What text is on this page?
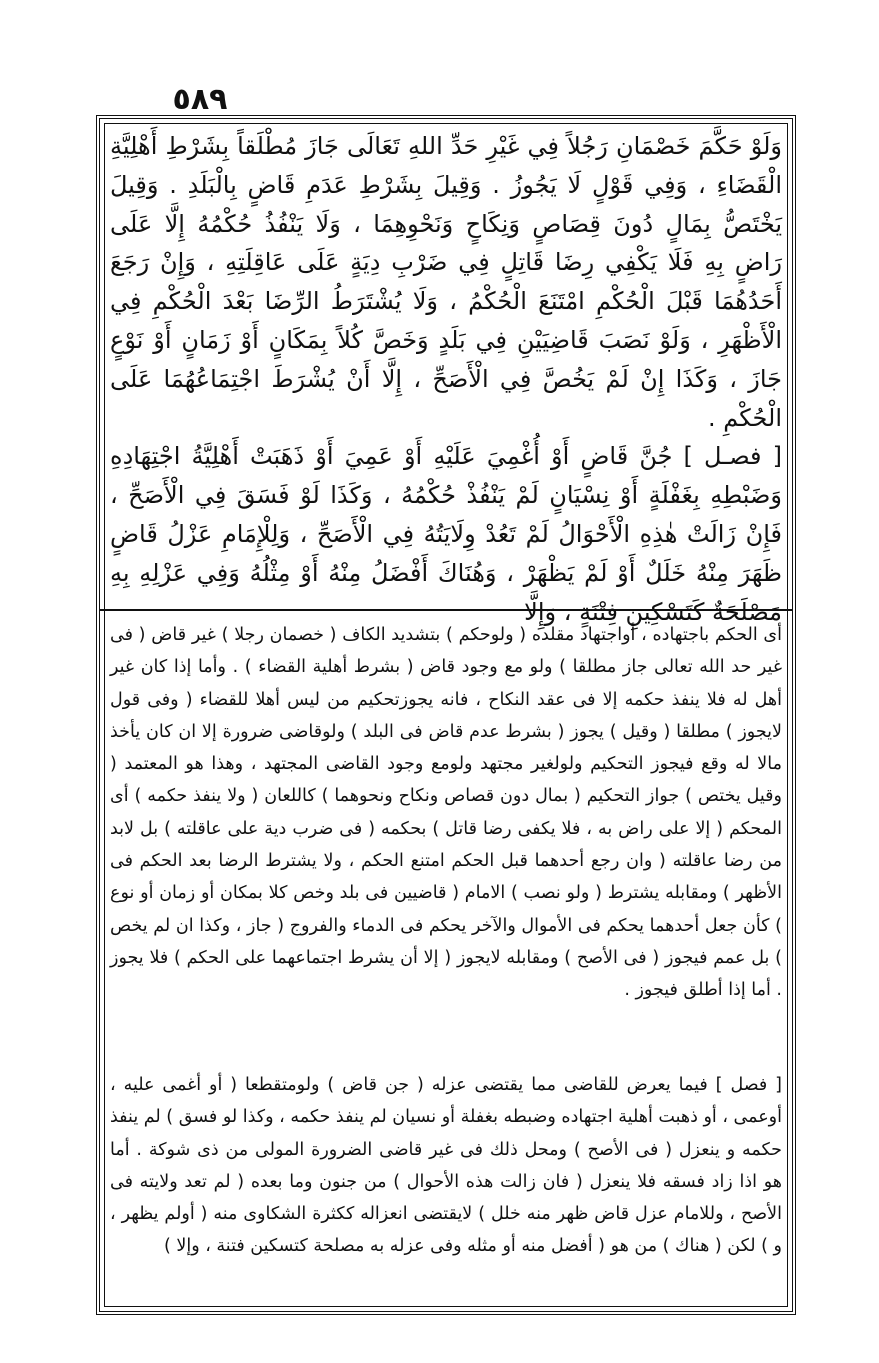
٥٨٩

وَلَوْ حَكَّمَ خَصْمَانِ رَجُلاً فِي غَيْرِ حَدِّ اللهِ تَعَالَى جَازَ مُطْلَقاً بِشَرْطِ أَهْلِيَّةِ الْقَضَاءِ ، وَفِي قَوْلٍ لَا يَجُوزُ . وَقِيلَ بِشَرْطِ عَدَمِ قَاضٍ بِالْبَلَدِ . وَقِيلَ يَخْتَصُّ بِمَالٍ دُونَ قِصَاصٍ وَنِكَاحٍ وَنَحْوِهِمَا ، وَلَا يَنْفُذُ حُكْمُهُ إِلَّا عَلَى رَاضٍ بِهِ فَلَا يَكْفِي رِضَا قَاتِلٍ فِي ضَرْبِ دِيَةٍ عَلَى عَاقِلَتِهِ ، وَإِنْ رَجَعَ أَحَدُهُمَا قَبْلَ الْحُكْمِ امْتَنَعَ الْحُكْمُ ، وَلَا يُشْتَرَطُ الرِّضَا بَعْدَ الْحُكْمِ فِي الْأَظْهَرِ ، وَلَوْ نَصَبَ قَاضِيَيْنِ فِي بَلَدٍ وَخَصَّ كُلاً بِمَكَانٍ أَوْ زَمَانٍ أَوْ نَوْعٍ جَازَ ، وَكَذَا إِنْ لَمْ يَخُصَّ فِي الْأَصَحِّ ، إِلَّا أَنْ يُشْرَطَ اجْتِمَاعُهُمَا عَلَى الْحُكْمِ .

[ فصـل ] جُنَّ قَاضٍ أَوْ أُغْمِيَ عَلَيْهِ أَوْ عَمِيَ أَوْ ذَهَبَتْ أَهْلِيَّةُ اجْتِهَادِهِ وَضَبْطِهِ بِغَفْلَةٍ أَوْ نِسْيَانٍ لَمْ يَنْفُذْ حُكْمُهُ ، وَكَذَا لَوْ فَسَقَ فِي الْأَصَحِّ ، فَإِنْ زَالَتْ هٰذِهِ الْأَحْوَالُ لَمْ تَعُدْ وِلَايَتُهُ فِي الْأَصَحِّ ، وَلِلْإِمَامِ عَزْلُ قَاضٍ ظَهَرَ مِنْهُ خَلَلٌ أَوْ لَمْ يَظْهَرْ ، وَهُنَاكَ أَفْضَلُ مِنْهُ أَوْ مِثْلُهُ وَفِي عَزْلِهِ بِهِ مَصْلَحَةٌ كَتَسْكِينِ فِتْنَةٍ ، وَإِلَّا

أى الحكم باجتهاده ، أواجتهاد مقلده ( ولوحكم ) بتشديد الكاف ( خصمان رجلا ) غير قاض ( فى غير حد الله تعالى جاز مطلقا ) ولو مع وجود قاض ( بشرط أهلية القضاء ) . وأما إذا كان غير أهل له فلا ينفذ حكمه إلا فى عقد النكاح ، فانه يجوزتحكيم من ليس أهلا للقضاء ( وفى قول لايجوز ) مطلقا ( وقيل ) يجوز ( بشرط عدم قاض فى البلد ) ولوقاضى ضرورة إلا ان كان يأخذ مالا له وقع فيجوز التحكيم ولولغير مجتهد ولومع وجود القاضى المجتهد ، وهذا هو المعتمد ( وقيل يختص ) جواز التحكيم ( بمال دون قصاص ونكاح ونحوهما ) كاللعان ( ولا ينفذ حكمه ) أى المحكم ( إلا على راض به ، فلا يكفى رضا قاتل ) بحكمه ( فى ضرب دية على عاقلته ) بل لابد من رضا عاقلته ( وان رجع أحدهما قبل الحكم امتنع الحكم ، ولا يشترط الرضا بعد الحكم فى الأظهر ) ومقابله يشترط ( ولو نصب ) الامام ( قاضيين فى بلد وخص كلا بمكان أو زمان أو نوع ) كأن جعل أحدهما يحكم فى الأموال والآخر يحكم فى الدماء والفروج ( جاز ، وكذا ان لم يخص ) بل عمم فيجوز ( فى الأصح ) ومقابله لايجوز ( إلا أن يشرط اجتماعهما على الحكم ) فلا يجوز . أما إذا أطلق فيجوز .

[ فصل ] فيما يعرض للقاضى مما يقتضى عزله ( جن قاض ) ولومتقطعا ( أو أغمى عليه ، أوعمى ، أو ذهبت أهلية اجتهاده وضبطه بغفلة أو نسيان لم ينفذ حكمه ، وكذا لو فسق ) لم ينفذ حكمه و ينعزل ( فى الأصح ) ومحل ذلك فى غير قاضى الضرورة المولى من ذى شوكة . أما هو اذا زاد فسقه فلا ينعزل ( فان زالت هذه الأحوال ) من جنون وما بعده ( لم تعد ولايته فى الأصح ، وللامام عزل قاض ظهر منه خلل ) لايقتضى انعزاله ككثرة الشكاوى منه ( أولم يظهر ، و ) لكن ( هناك ) من هو ( أفضل منه أو مثله وفى عزله به مصلحة كتسكين فتنة ، وإلا )
